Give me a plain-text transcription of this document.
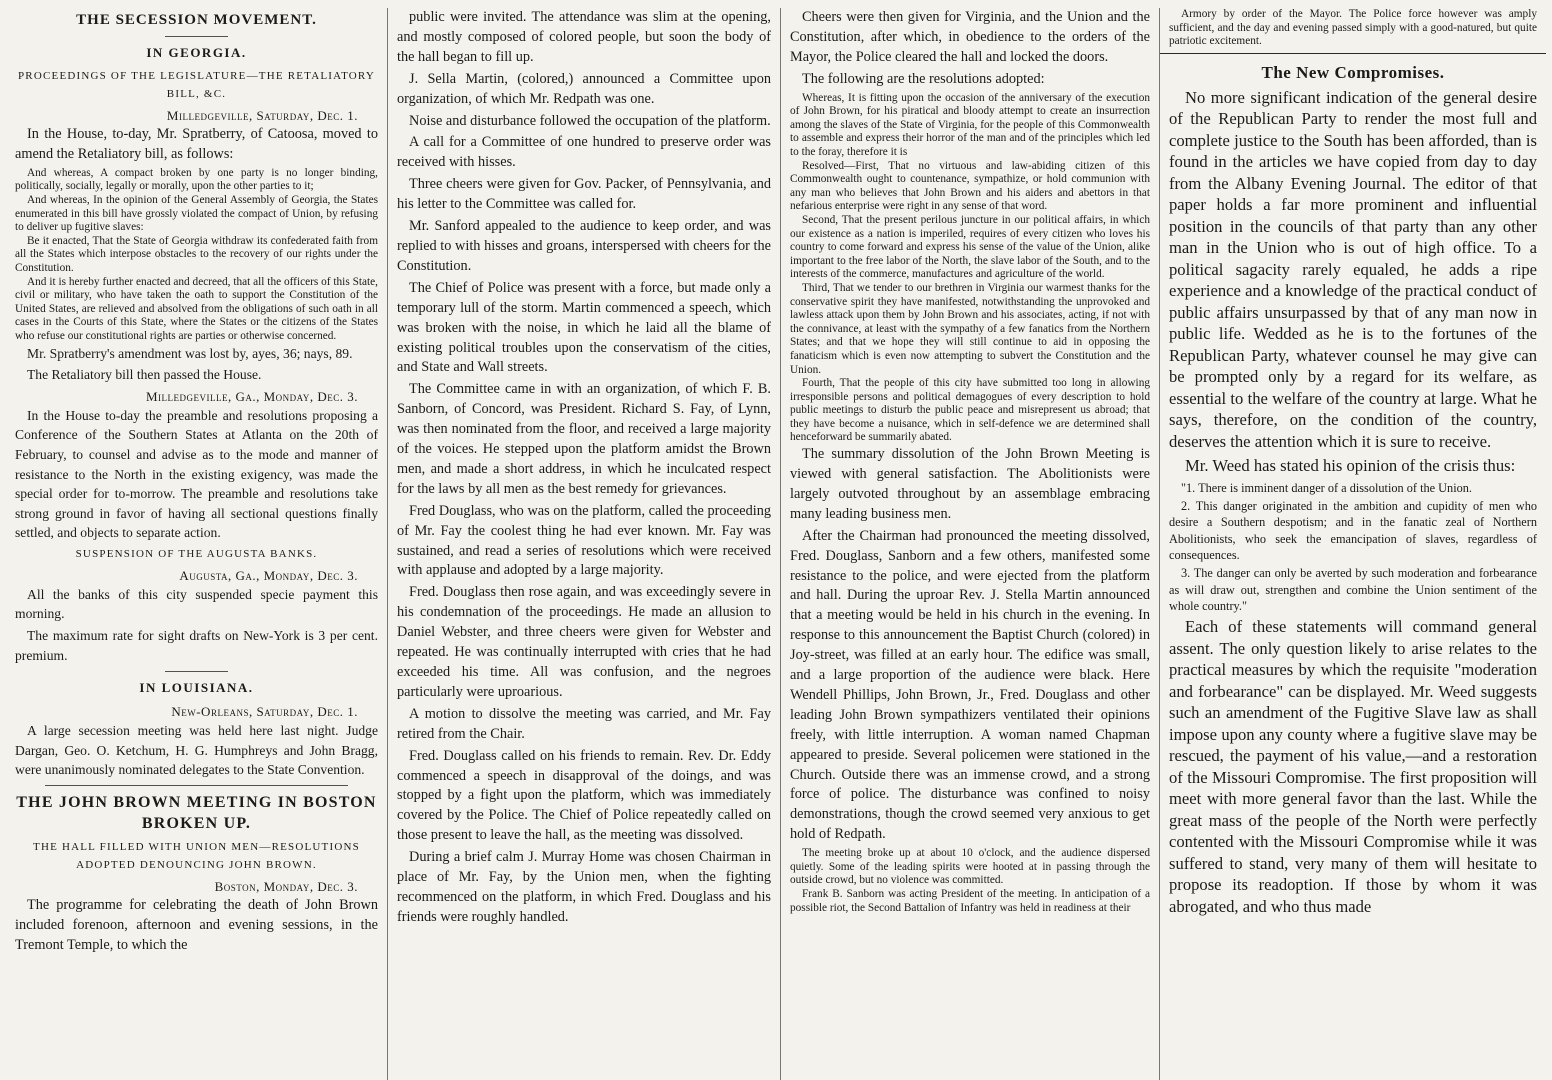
THE SECESSION MOVEMENT.
IN GEORGIA.

PROCEEDINGS OF THE LEGISLATURE—THE RETALIATORY BILL, &C.

Milledgeville, Saturday, Dec. 1.

In the House, to-day, Mr. Spratberry, of Catoosa, moved to amend the Retaliatory bill, as follows:

And whereas, A compact broken by one party is no longer binding, politically, socially, legally or morally, upon the other parties to it;

And whereas, In the opinion of the General Assembly of Georgia, the States enumerated in this bill have grossly violated the compact of Union, by refusing to deliver up fugitive slaves:

Be it enacted, That the State of Georgia withdraw its confederated faith from all the States which interpose obstacles to the recovery of our rights under the Constitution.

And it is hereby further enacted and decreed, that all the officers of this State, civil or military, who have taken the oath to support the Constitution of the United States, are relieved and absolved from the obligations of such oath in all cases in the Courts of this State, where the States or the citizens of the States who refuse our constitutional rights are parties or otherwise concerned.

Mr. Spratberry's amendment was lost by, ayes, 36; nays, 89.

The Retaliatory bill then passed the House.

Milledgeville, Ga., Monday, Dec. 3.

In the House to-day the preamble and resolutions proposing a Conference of the Southern States at Atlanta on the 20th of February, to counsel and advise as to the mode and manner of resistance to the North in the existing exigency, was made the special order for to-morrow. The preamble and resolutions take strong ground in favor of having all sectional questions finally settled, and objects to separate action.

SUSPENSION OF THE AUGUSTA BANKS.

Augusta, Ga., Monday, Dec. 3.

All the banks of this city suspended specie payment this morning.

The maximum rate for sight drafts on New-York is 3 per cent. premium.

IN LOUISIANA.

New-Orleans, Saturday, Dec. 1.

A large secession meeting was held here last night. Judge Dargan, Geo. O. Ketchum, H. G. Humphreys and John Bragg, were unanimously nominated delegates to the State Convention.

THE JOHN BROWN MEETING IN BOSTON BROKEN UP.

THE HALL FILLED WITH UNION MEN—RESOLUTIONS ADOPTED DENOUNCING JOHN BROWN.

Boston, Monday, Dec. 3.

The programme for celebrating the death of John Brown included forenoon, afternoon and evening sessions, in the Tremont Temple, to which the

public were invited. The attendance was slim at the opening, and mostly composed of colored people, but soon the body of the hall began to fill up.

J. Sella Martin, (colored,) announced a Committee upon organization, of which Mr. Redpath was one.

Noise and disturbance followed the occupation of the platform.

A call for a Committee of one hundred to preserve order was received with hisses.

Three cheers were given for Gov. Packer, of Pennsylvania, and his letter to the Committee was called for.

Mr. Sanford appealed to the audience to keep order, and was replied to with hisses and groans, interspersed with cheers for the Constitution.

The Chief of Police was present with a force, but made only a temporary lull of the storm. Martin commenced a speech, which was broken with the noise, in which he laid all the blame of existing political troubles upon the conservatism of the cities, and State and Wall streets.

The Committee came in with an organization, of which F. B. Sanborn, of Concord, was President. Richard S. Fay, of Lynn, was then nominated from the floor, and received a large majority of the voices. He stepped upon the platform amidst the Brown men, and made a short address, in which he inculcated respect for the laws by all men as the best remedy for grievances.

Fred Douglass, who was on the platform, called the proceeding of Mr. Fay the coolest thing he had ever known. Mr. Fay was sustained, and read a series of resolutions which were received with applause and adopted by a large majority.

Fred. Douglass then rose again, and was exceedingly severe in his condemnation of the proceedings. He made an allusion to Daniel Webster, and three cheers were given for Webster and repeated. He was continually interrupted with cries that he had exceeded his time. All was confusion, and the negroes particularly were uproarious.

A motion to dissolve the meeting was carried, and Mr. Fay retired from the Chair.

Fred. Douglass called on his friends to remain. Rev. Dr. Eddy commenced a speech in disapproval of the doings, and was stopped by a fight upon the platform, which was immediately covered by the Police. The Chief of Police repeatedly called on those present to leave the hall, as the meeting was dissolved.

During a brief calm J. Murray Home was chosen Chairman in place of Mr. Fay, by the Union men, when the fighting recommenced on the platform, in which Fred. Douglass and his friends were roughly handled.

Cheers were then given for Virginia, and the Union and the Constitution, after which, in obedience to the orders of the Mayor, the Police cleared the hall and locked the doors.

The following are the resolutions adopted:

Whereas, It is fitting upon the occasion of the anniversary of the execution of John Brown, for his piratical and bloody attempt to create an insurrection among the slaves of the State of Virginia, for the people of this Commonwealth to assemble and express their horror of the man and of the principles which led to the foray, therefore it is

Resolved—First, That no virtuous and law-abiding citizen of this Commonwealth ought to countenance, sympathize, or hold communion with any man who believes that John Brown and his aiders and abettors in that nefarious enterprise were right in any sense of that word.

Second, That the present perilous juncture in our political affairs, in which our existence as a nation is imperiled, requires of every citizen who loves his country to come forward and express his sense of the value of the Union, alike important to the free labor of the North, the slave labor of the South, and to the interests of the commerce, manufactures and agriculture of the world.

Third, That we tender to our brethren in Virginia our warmest thanks for the conservative spirit they have manifested, notwithstanding the unprovoked and lawless attack upon them by John Brown and his associates, acting, if not with the connivance, at least with the sympathy of a few fanatics from the Northern States; and that we hope they will still continue to aid in opposing the fanaticism which is even now attempting to subvert the Constitution and the Union.

Fourth, That the people of this city have submitted too long in allowing irresponsible persons and political demagogues of every description to hold public meetings to disturb the public peace and misrepresent us abroad; that they have become a nuisance, which in self-defence we are determined shall henceforward be summarily abated.

The summary dissolution of the John Brown Meeting is viewed with general satisfaction. The Abolitionists were largely outvoted throughout by an assemblage embracing many leading business men.

After the Chairman had pronounced the meeting dissolved, Fred. Douglass, Sanborn and a few others, manifested some resistance to the police, and were ejected from the platform and hall. During the uproar Rev. J. Stella Martin announced that a meeting would be held in his church in the evening. In response to this announcement the Baptist Church (colored) in Joy-street, was filled at an early hour. The edifice was small, and a large proportion of the audience were black. Here Wendell Phillips, John Brown, Jr., Fred. Douglass and other leading John Brown sympathizers ventilated their opinions freely, with little interruption. A woman named Chapman appeared to preside. Several policemen were stationed in the Church. Outside there was an immense crowd, and a strong force of police. The disturbance was confined to noisy demonstrations, though the crowd seemed very anxious to get hold of Redpath.

The meeting broke up at about 10 o'clock, and the audience dispersed quietly. Some of the leading spirits were hooted at in passing through the outside crowd, but no violence was committed.

Frank B. Sanborn was acting President of the meeting. In anticipation of a possible riot, the Second Battalion of Infantry was held in readiness at their

Armory by order of the Mayor. The Police force however was amply sufficient, and the day and evening passed simply with a good-natured, but quite patriotic excitement.

The New Compromises.

No more significant indication of the general desire of the Republican Party to render the most full and complete justice to the South has been afforded, than is found in the articles we have copied from day to day from the Albany Evening Journal. The editor of that paper holds a far more prominent and influential position in the councils of that party than any other man in the Union who is out of high office. To a political sagacity rarely equaled, he adds a ripe experience and a knowledge of the practical conduct of public affairs unsurpassed by that of any man now in public life. Wedded as he is to the fortunes of the Republican Party, whatever counsel he may give can be prompted only by a regard for its welfare, as essential to the welfare of the country at large. What he says, therefore, on the condition of the country, deserves the attention which it is sure to receive.

Mr. Weed has stated his opinion of the crisis thus:

"1. There is imminent danger of a dissolution of the Union.

2. This danger originated in the ambition and cupidity of men who desire a Southern despotism; and in the fanatic zeal of Northern Abolitionists, who seek the emancipation of slaves, regardless of consequences.

3. The danger can only be averted by such moderation and forbearance as will draw out, strengthen and combine the Union sentiment of the whole country."

Each of these statements will command general assent. The only question likely to arise relates to the practical measures by which the requisite "moderation and forbearance" can be displayed. Mr. Weed suggests such an amendment of the Fugitive Slave law as shall impose upon any county where a fugitive slave may be rescued, the payment of his value,—and a restoration of the Missouri Compromise. The first proposition will meet with more general favor than the last. While the great mass of the people of the North were perfectly contented with the Missouri Compromise while it was suffered to stand, very many of them will hesitate to propose its readoption. If those by whom it was abrogated, and who thus made
